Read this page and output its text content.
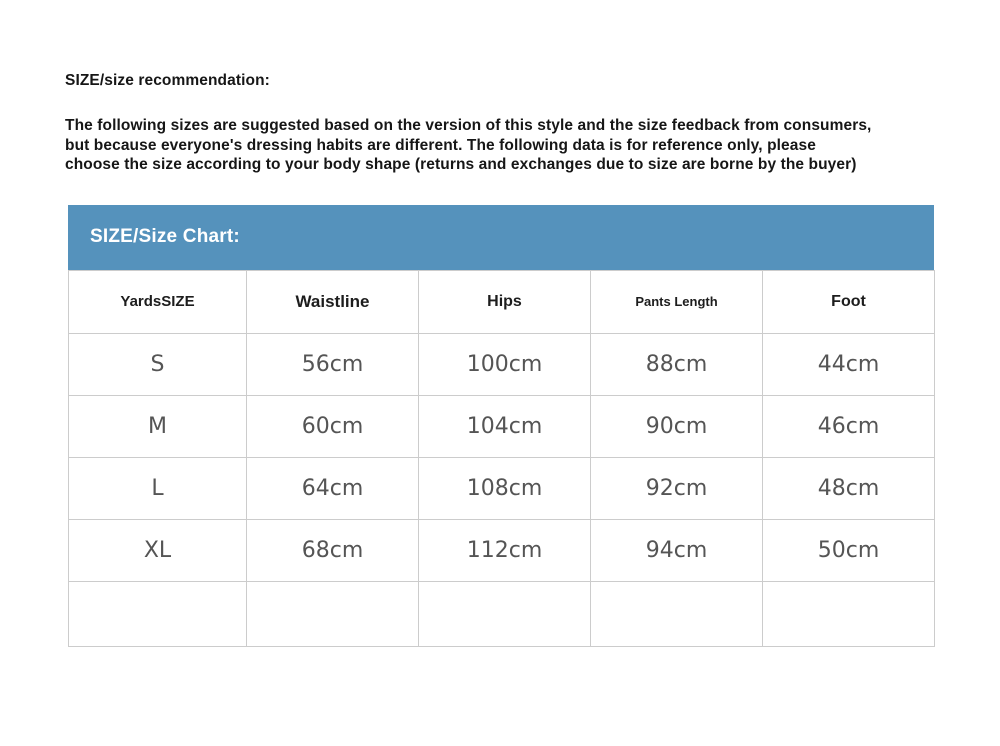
SIZE/size recommendation:
The following sizes are suggested based on the version of this style and the size feedback from consumers,
but because everyone's dressing habits are different. The following data is for reference only, please
choose the size according to your body shape (returns and exchanges due to size are borne by the buyer)
SIZE/Size Chart:
YardsSIZE	Waistline	Hips	Pants Length	Foot
S	56cm	100cm	88cm	44cm
M	60cm	104cm	90cm	46cm
L	64cm	108cm	92cm	48cm
XL	68cm	112cm	94cm	50cm
